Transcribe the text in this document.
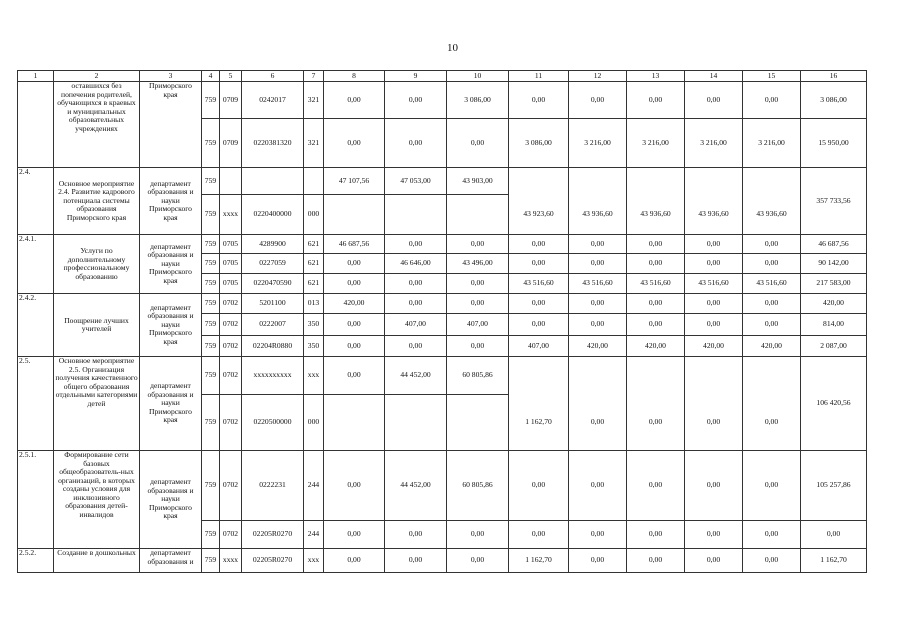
10
1	2	3	4	5	6	7	8	9	10	11	12	13	14	15	16
	оставшихся без попечения родителей, обучающихся в краевых и муниципальных образовательных учреждениях	Приморского края	759	0709	0242017	321	0,00	0,00	3 086,00	0,00	0,00	0,00	0,00	0,00	3 086,00
			759	0709	0220381320	321	0,00	0,00	0,00	3 086,00	3 216,00	3 216,00	3 216,00	3 216,00	15 950,00
2.4.	Основное мероприятие 2.4. Развитие кадрового потенциала системы образования Приморского края	департамент образования и науки Приморского края	759				47 107,56	47 053,00	43 903,00						357 733,56
			759	xxxx	0220400000	000				43 923,60	43 936,60	43 936,60	43 936,60	43 936,60	
2.4.1.	Услуги по дополнительному профессиональному образованию	департамент образования и науки Приморского края	759	0705	4289900	621	46 687,56	0,00	0,00	0,00	0,00	0,00	0,00	0,00	46 687,56
			759	0705	0227059	621	0,00	46 646,00	43 496,00	0,00	0,00	0,00	0,00	0,00	90 142,00
			759	0705	0220470590	621	0,00	0,00	0,00	43 516,60	43 516,60	43 516,60	43 516,60	43 516,60	217 583,00
2.4.2.	Поощрение лучших учителей	департамент образования и науки Приморского края	759	0702	5201100	013	420,00	0,00	0,00	0,00	0,00	0,00	0,00	0,00	420,00
			759	0702	0222007	350	0,00	407,00	407,00	0,00	0,00	0,00	0,00	0,00	814,00
			759	0702	02204R0880	350	0,00	0,00	0,00	407,00	420,00	420,00	420,00	420,00	2 087,00
2.5.	Основное мероприятие 2.5. Организация получения качественного общего образования отдельными категориями детей	департамент образования и науки Приморского края	759	0702	xxxxxxxxxx	xxx	0,00	44 452,00	60 805,86						106 420,56
			759	0702	0220500000	000				1 162,70	0,00	0,00	0,00	0,00	
2.5.1.	Формирование сети базовых общеобразователь-ных организаций, в которых созданы условия для инклюзивного образования детей-инвалидов	департамент образования и науки Приморского края	759	0702	0222231	244	0,00	44 452,00	60 805,86	0,00	0,00	0,00	0,00	0,00	105 257,86
			759	0702	02205R0270	244	0,00	0,00	0,00	0,00	0,00	0,00	0,00	0,00	0,00
2.5.2.	Создание в дошкольных	департамент образования и	759	xxxx	02205R0270	xxx	0,00	0,00	0,00	1 162,70	0,00	0,00	0,00	0,00	1 162,70
